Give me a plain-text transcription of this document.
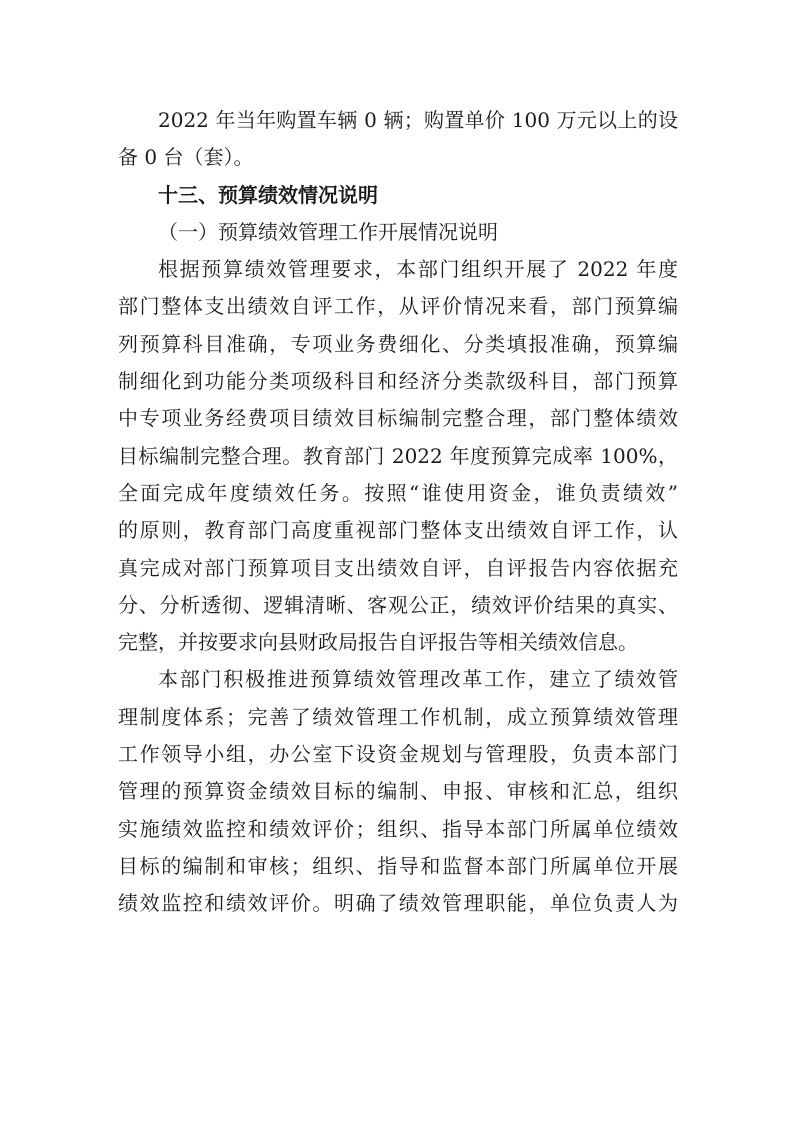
2022 年当年购置车辆 0 辆；购置单价 100 万元以上的设
备 0 台（套）。
十三、预算绩效情况说明
（一）预算绩效管理工作开展情况说明
根据预算绩效管理要求，本部门组织开展了 2022 年度
部门整体支出绩效自评工作，从评价情况来看，部门预算编
列预算科目准确，专项业务费细化、分类填报准确，预算编
制细化到功能分类项级科目和经济分类款级科目，部门预算
中专项业务经费项目绩效目标编制完整合理，部门整体绩效
目标编制完整合理。教育部门 2022 年度预算完成率 100%，
全面完成年度绩效任务。按照“谁使用资金，谁负责绩效”
的原则，教育部门高度重视部门整体支出绩效自评工作，认
真完成对部门预算项目支出绩效自评，自评报告内容依据充
分、分析透彻、逻辑清晰、客观公正，绩效评价结果的真实、
完整，并按要求向县财政局报告自评报告等相关绩效信息。
本部门积极推进预算绩效管理改革工作，建立了绩效管
理制度体系；完善了绩效管理工作机制，成立预算绩效管理
工作领导小组，办公室下设资金规划与管理股，负责本部门
管理的预算资金绩效目标的编制、申报、审核和汇总，组织
实施绩效监控和绩效评价；组织、指导本部门所属单位绩效
目标的编制和审核；组织、指导和监督本部门所属单位开展
绩效监控和绩效评价。明确了绩效管理职能，单位负责人为
